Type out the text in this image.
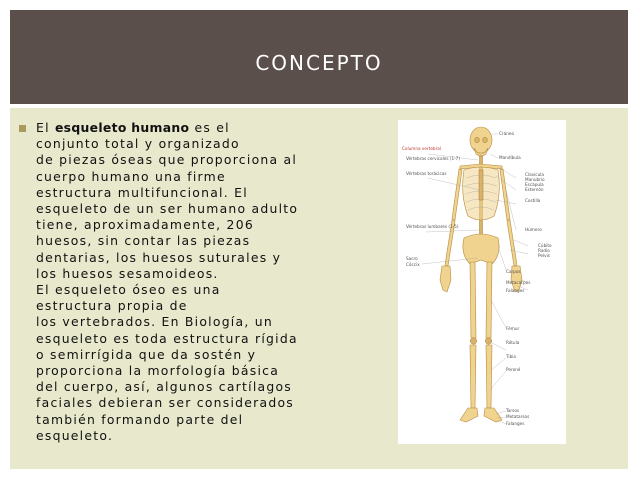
CONCEPTO

El esqueleto humano es el
conjunto total y organizado
de piezas óseas que proporciona al
cuerpo humano una firme
estructura multifuncional. El
esqueleto de un ser humano adulto
tiene, aproximadamente, 206
huesos, sin contar las piezas
dentarias, los huesos suturales y
los huesos sesamoideos.
El esqueleto óseo es una
estructura propia de
los vertebrados. En Biología, un
esqueleto es toda estructura rígida
o semirrígida que da sostén y
proporciona la morfología básica
del cuerpo, así, algunos cartílagos
faciales debieran ser considerados
también formando parte del
esqueleto.

Columna vertebral
Vértebras cervicales (1-7)
Vértebras torácicas
Vértebras lumbares (1-5)
Sacro
Cóccix
Cráneo
Mandíbula
Clavícula
Manubrio
Escápula
Esternón
Costilla
Húmero
Cúbito
Radio
Pelvis
Carpos
Metacarpos
Falanges
Fémur
Rótula
Tibia
Peroné
Tarsos
Metatarsos
Falanges
